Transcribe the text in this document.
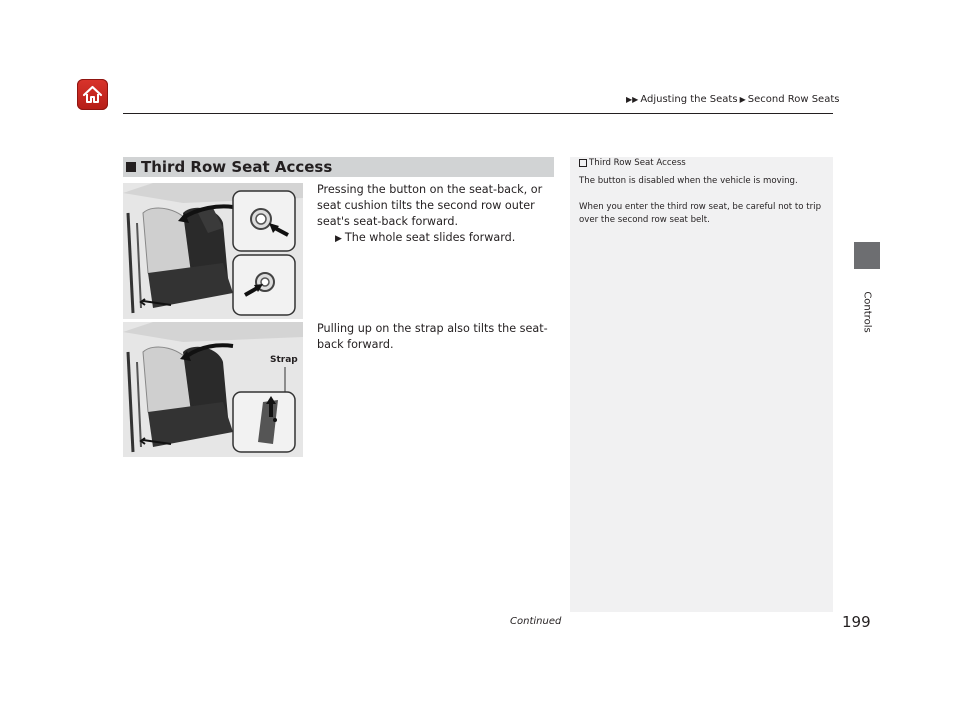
▶▶ Adjusting the Seats ▶ Second Row Seats
Controls
Third Row Seat Access
Strap
Pressing the button on the seat-back, or seat cushion tilts the second row outer seat's seat-back forward.
▶ The whole seat slides forward.
Pulling up on the strap also tilts the seat-back forward.
Third Row Seat Access
The button is disabled when the vehicle is moving.
When you enter the third row seat, be careful not to trip over the second row seat belt.
Continued	199
